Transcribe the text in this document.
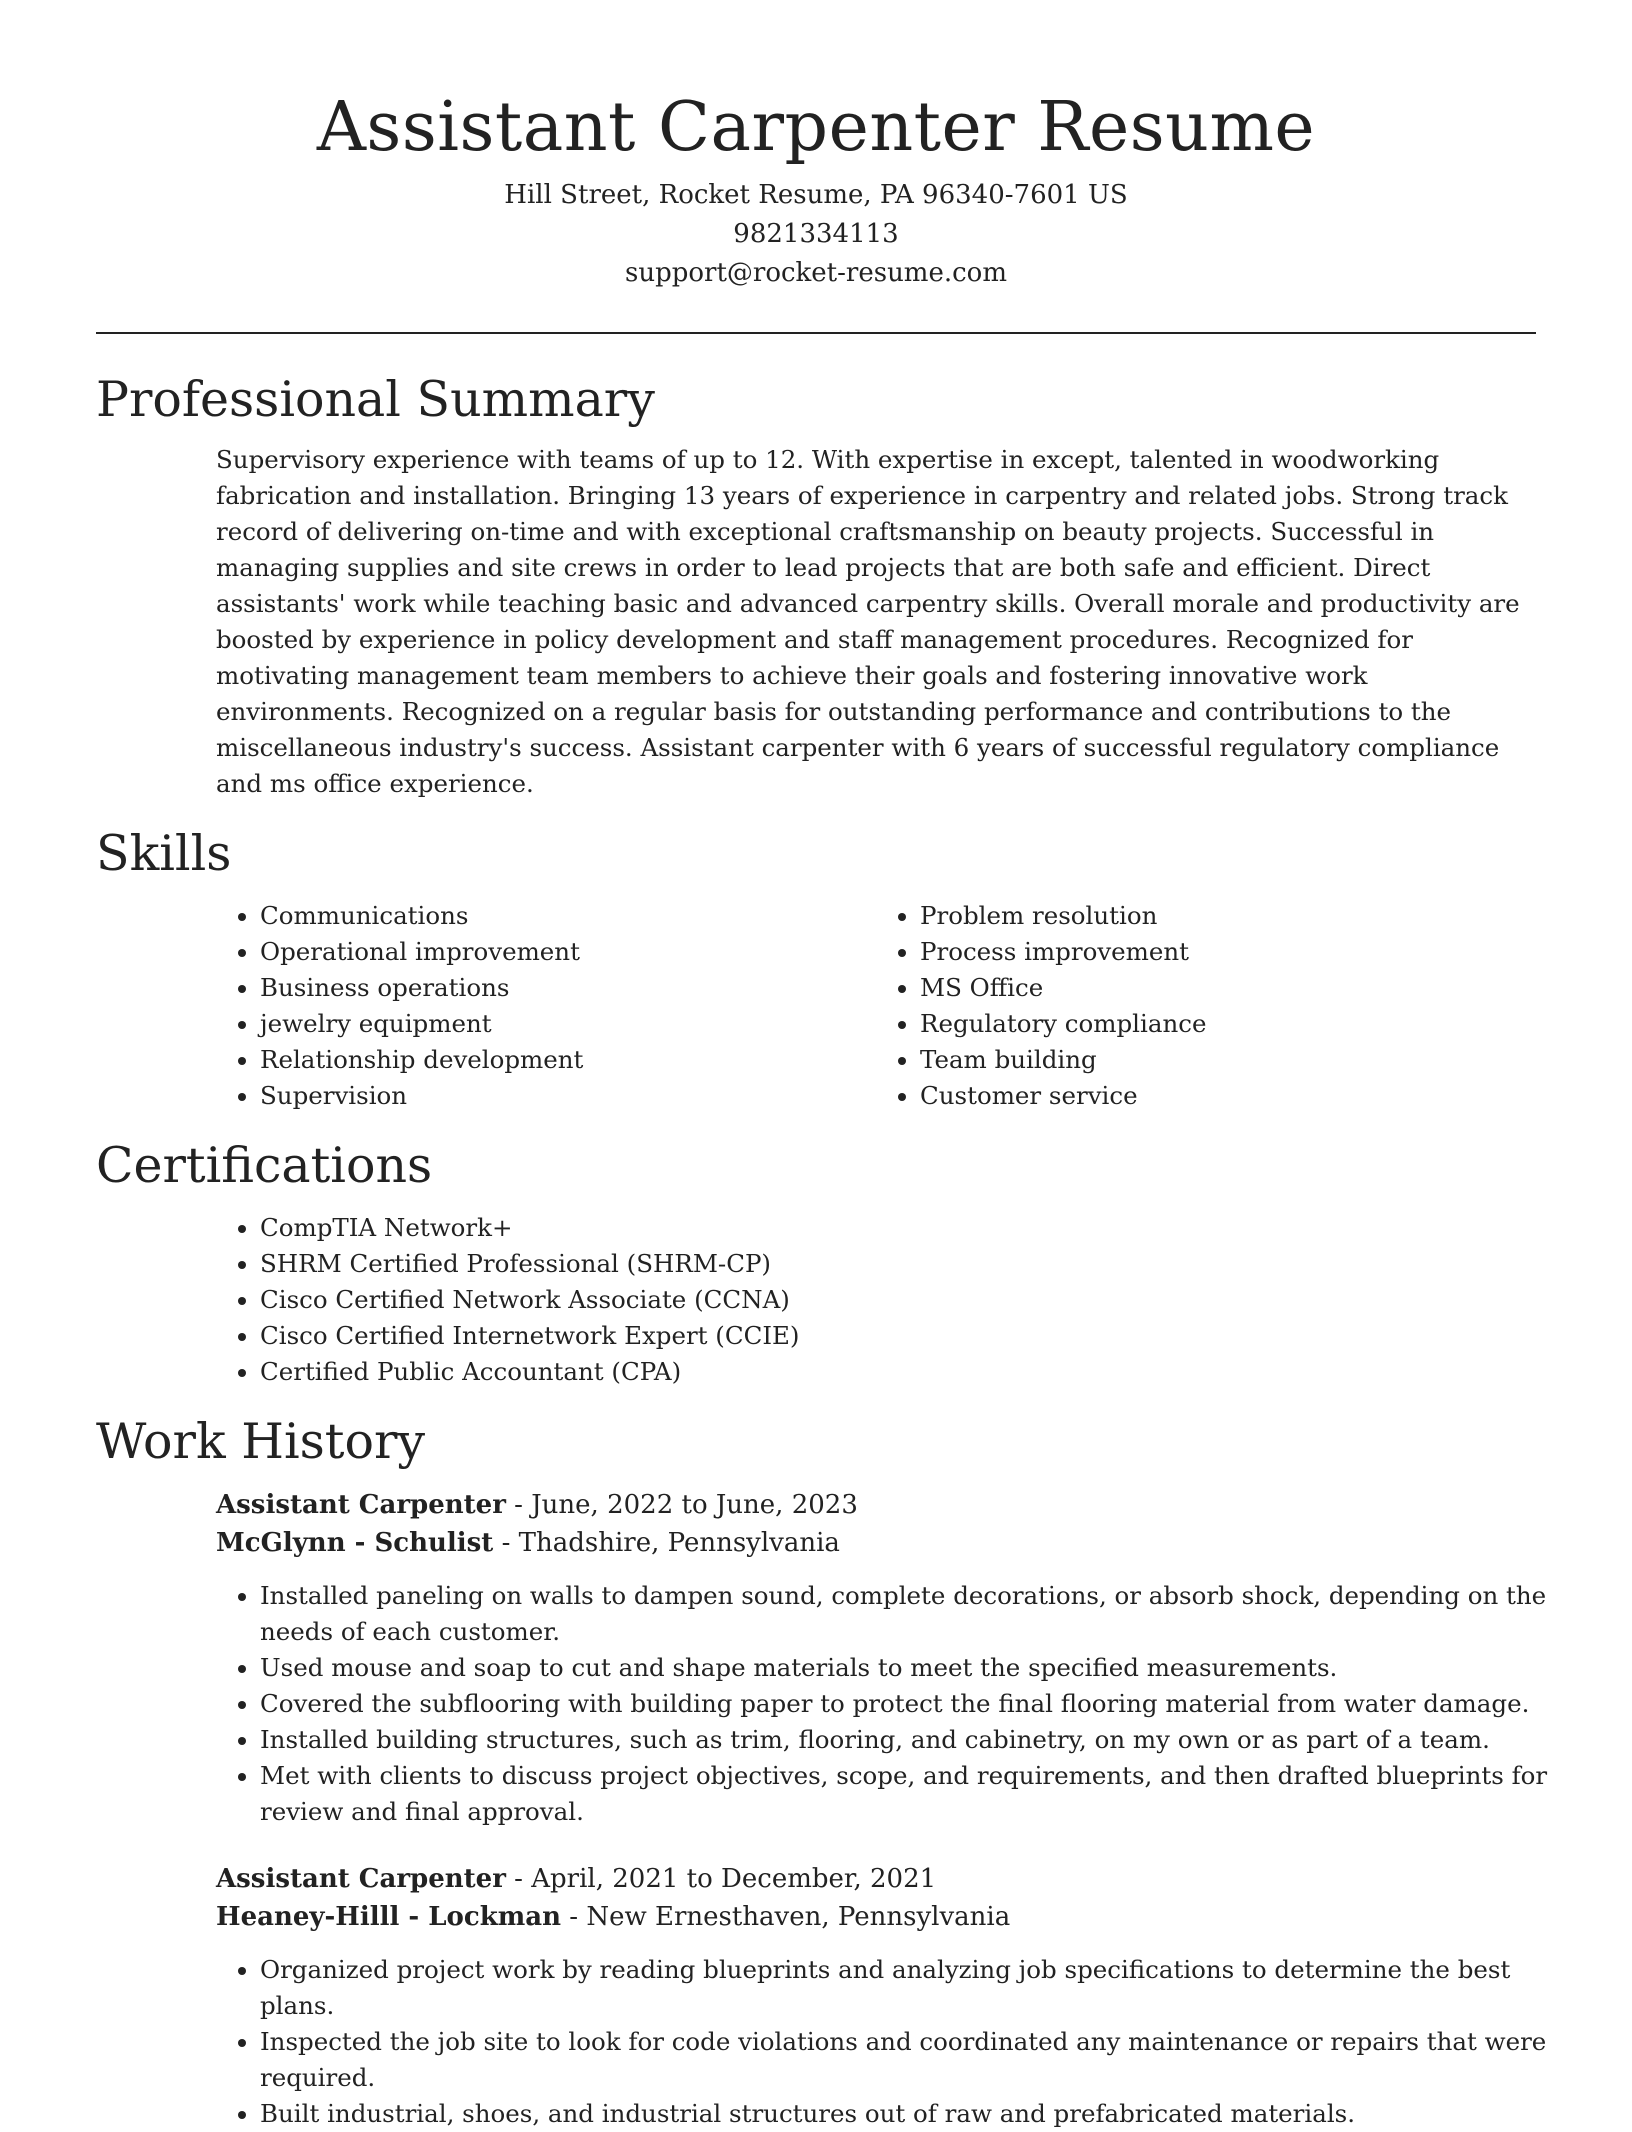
Assistant Carpenter Resume

Hill Street, Rocket Resume, PA 96340-7601 US

9821334113

support@rocket-resume.com

Professional Summary

Supervisory experience with teams of up to 12. With expertise in except, talented in woodworking fabrication and installation. Bringing 13 years of experience in carpentry and related jobs. Strong track record of delivering on-time and with exceptional craftsmanship on beauty projects. Successful in managing supplies and site crews in order to lead projects that are both safe and efficient. Direct assistants' work while teaching basic and advanced carpentry skills. Overall morale and productivity are boosted by experience in policy development and staff management procedures. Recognized for motivating management team members to achieve their goals and fostering innovative work environments. Recognized on a regular basis for outstanding performance and contributions to the miscellaneous industry's success. Assistant carpenter with 6 years of successful regulatory compliance and ms office experience.

Skills
• Communications
• Operational improvement
• Business operations
• jewelry equipment
• Relationship development
• Supervision
• Problem resolution
• Process improvement
• MS Office
• Regulatory compliance
• Team building
• Customer service
Certifications
• CompTIA Network+
• SHRM Certified Professional (SHRM-CP)
• Cisco Certified Network Associate (CCNA)
• Cisco Certified Internetwork Expert (CCIE)
• Certified Public Accountant (CPA)
Work History

Assistant Carpenter - June, 2022 to June, 2023

McGlynn - Schulist - Thadshire, Pennsylvania

• Installed paneling on walls to dampen sound, complete decorations, or absorb shock, depending on the needs of each customer.
• Used mouse and soap to cut and shape materials to meet the specified measurements.
• Covered the subflooring with building paper to protect the final flooring material from water damage.
• Installed building structures, such as trim, flooring, and cabinetry, on my own or as part of a team.
• Met with clients to discuss project objectives, scope, and requirements, and then drafted blueprints for review and final approval.

Assistant Carpenter - April, 2021 to December, 2021

Heaney-Hilll - Lockman - New Ernesthaven, Pennsylvania

• Organized project work by reading blueprints and analyzing job specifications to determine the best plans.
• Inspected the job site to look for code violations and coordinated any maintenance or repairs that were required.
• Built industrial, shoes, and industrial structures out of raw and prefabricated materials.
